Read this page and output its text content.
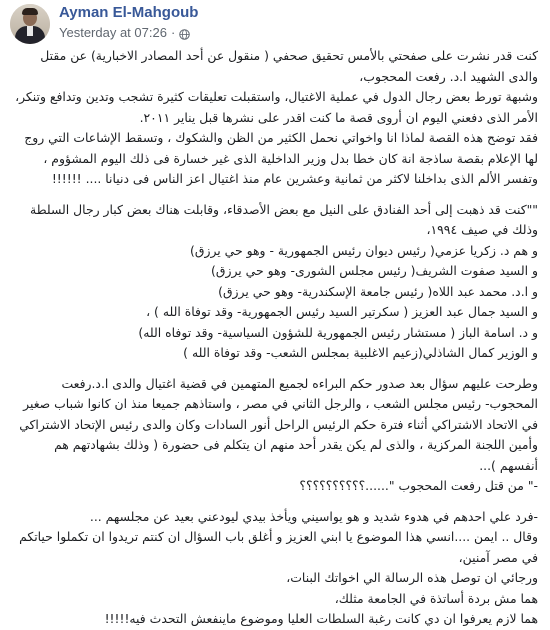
Ayman El-Mahgoub
Yesterday at 07:26 ·

كنت قدر نشرت على صفحتي بالأمس تحقيق صحفي ( منقول عن أحد المصادر الاخبارية) عن مقتل والدى الشهيد ا.د. رفعت المحجوب،

وشبهة تورط بعض رجال الدول في عملية الاغتيال، واستقبلت تعليقات كثيرة تشجب وتدين وتدافع وتنكر، الأمر الذى دفعني اليوم ان أروى قصة ما كنت اقدر على نشرها قبل يناير ٢٠١١.

فقد توضح هذه القصة لماذا انا واخواتي نحمل الكثير من الظن والشكوك ، وتسقط الإشاعات التي روج لها الإعلام بقصة ساذجة انة كان خطا بدل وزير الداخلية الذى غير خسارة فى ذلك اليوم المشؤوم ، وتفسر الألم الذى بداخلنا لاكثر من ثمانية وعشرين عام منذ اغتيال اعز الناس فى دنيانا .... !!!!!!

""كنت قد ذهبت إلى أحد الفنادق على النيل مع بعض الأصدقاء، وقابلت هناك بعض كبار رجال السلطة وذلك في صيف ١٩٩٤،

و هم د. زكريا عزمي( رئيس ديوان رئيس الجمهورية - وهو حي يرزق)

و السيد صفوت الشريف( رئيس مجلس الشورى- وهو حي يرزق)

و ا.د. محمد عبد اللاه( رئيس جامعة الإسكندرية- وهو حي يرزق)

و السيد جمال عبد العزيز ( سكرتير السيد رئيس الجمهورية- وقد توفاة الله ) ،

و د. اسامة الباز ( مستشار رئيس الجمهورية للشؤون السياسية- وقد توفاه الله)

و الوزير كمال الشاذلي(زعيم الاغلبية بمجلس الشعب- وقد توفاة الله )

وطرحت عليهم سؤال بعد صدور حكم البراءه لجميع المتهمين في قضية اغتيال والدى ا.د.رفعت المحجوب- رئيس مجلس الشعب ، والرجل الثاني في مصر ، واستاذهم جميعا منذ ان كانوا شباب صغير في الاتحاد الاشتراكي أثناء فترة حكم الرئيس الراحل أنور السادات وكان والدى رئيس الإتحاد الاشتراكي وأمين اللجنة المركزية ، والذى لم يكن يقدر أحد منهم ان يتكلم فى حضورة ( وذلك بشهادتهم هم أنفسهم )...

-" من قتل رفعت المحجوب "......؟؟؟؟؟؟؟؟؟؟

-فرد علي احدهم في هدوء شديد و هو يواسيني ويأخذ بيدي ليودعني بعيد عن مجلسهم ...

وقال .. ايمن ....انسي هذا الموضوع يا ابني العزيز و أغلق باب السؤال ان كنتم تريدوا ان تكملوا حياتكم في مصر آمنين،

ورجائي ان توصل هذه الرسالة الي اخواتك البنات،

هما مش بردة أساتذة في الجامعة مثلك،

هما لازم يعرفوا ان دي كانت رغبة السلطات العليا وموضوع ماينفعش التحدث فيه!!!!!
